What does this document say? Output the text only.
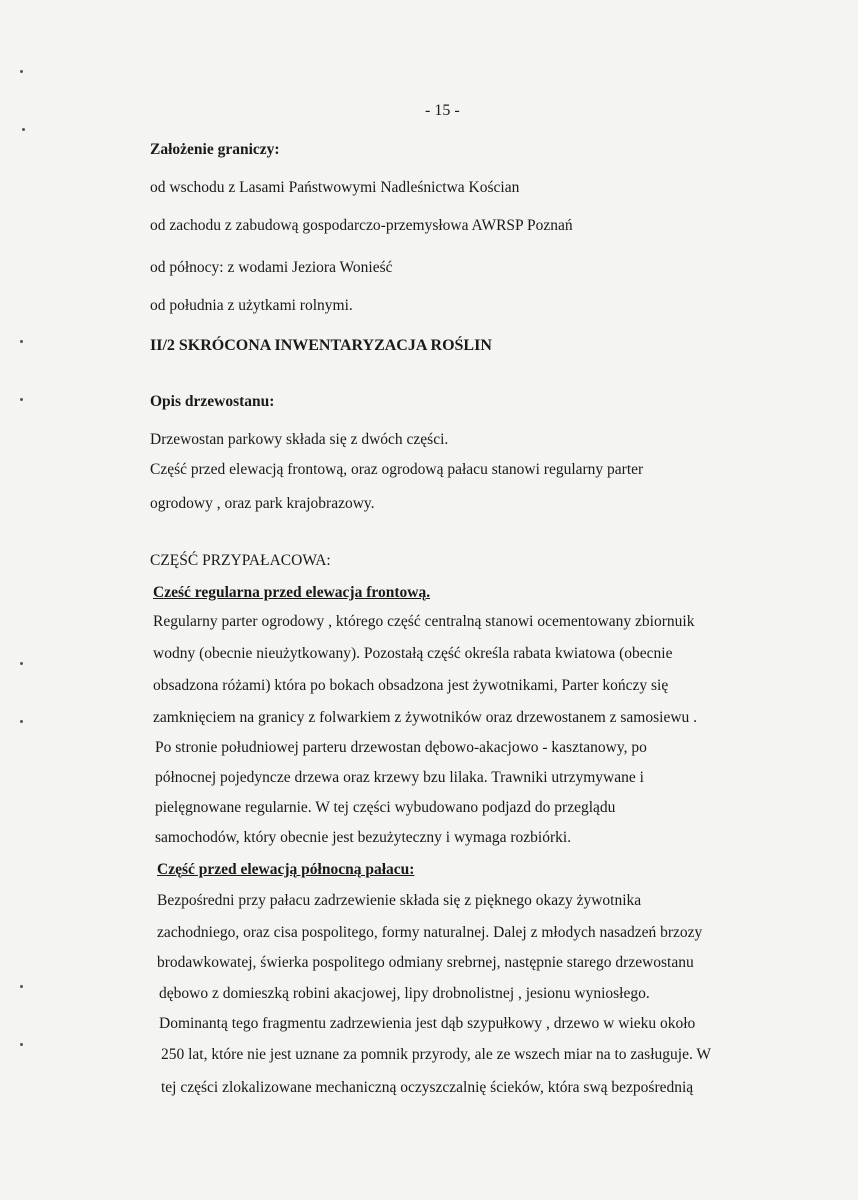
- 15 -
Założenie graniczy:
od wschodu z Lasami Państwowymi Nadleśnictwa Kościan
od zachodu z zabudową gospodarczo-przemysłowa AWRSP Poznań
od północy: z wodami Jeziora Wonieść
od południa z użytkami rolnymi.
II/2 SKRÓCONA INWENTARYZACJA ROŚLIN
Opis drzewostanu:
Drzewostan parkowy składa się z dwóch części.
Część przed elewacją frontową, oraz ogrodową pałacu stanowi regularny parter
ogrodowy , oraz park krajobrazowy.
CZĘŚĆ PRZYPAŁACOWA:
Cześć regularna przed elewacja frontową.
Regularny parter ogrodowy , którego część centralną stanowi ocementowany zbiornuik
wodny (obecnie nieużytkowany). Pozostałą część określa rabata kwiatowa (obecnie
obsadzona różami) która po bokach obsadzona jest żywotnikami, Parter kończy się
zamknięciem na granicy z folwarkiem z żywotników oraz drzewostanem z samosiewu .
Po stronie południowej parteru drzewostan dębowo-akacjowo - kasztanowy, po
północnej pojedyncze drzewa oraz krzewy bzu lilaka. Trawniki utrzymywane i
pielęgnowane regularnie. W tej części wybudowano podjazd do przeglądu
samochodów, który obecnie jest bezużyteczny i wymaga rozbiórki.
Część przed elewacją północną pałacu:
Bezpośredni przy pałacu zadrzewienie składa się z pięknego okazy żywotnika
zachodniego, oraz cisa pospolitego, formy naturalnej. Dalej z młodych nasadzeń brzozy
brodawkowatej, świerka pospolitego odmiany srebrnej, następnie starego drzewostanu
dębowo z domieszką robini akacjowej, lipy drobnolistnej , jesionu wyniosłego.
Dominantą tego fragmentu zadrzewienia jest dąb szypułkowy , drzewo w wieku około
250 lat, które nie jest uznane za pomnik przyrody, ale ze wszech miar na to zasługuje. W
tej części zlokalizowane mechaniczną oczyszczalnię ścieków, która swą bezpośrednią
